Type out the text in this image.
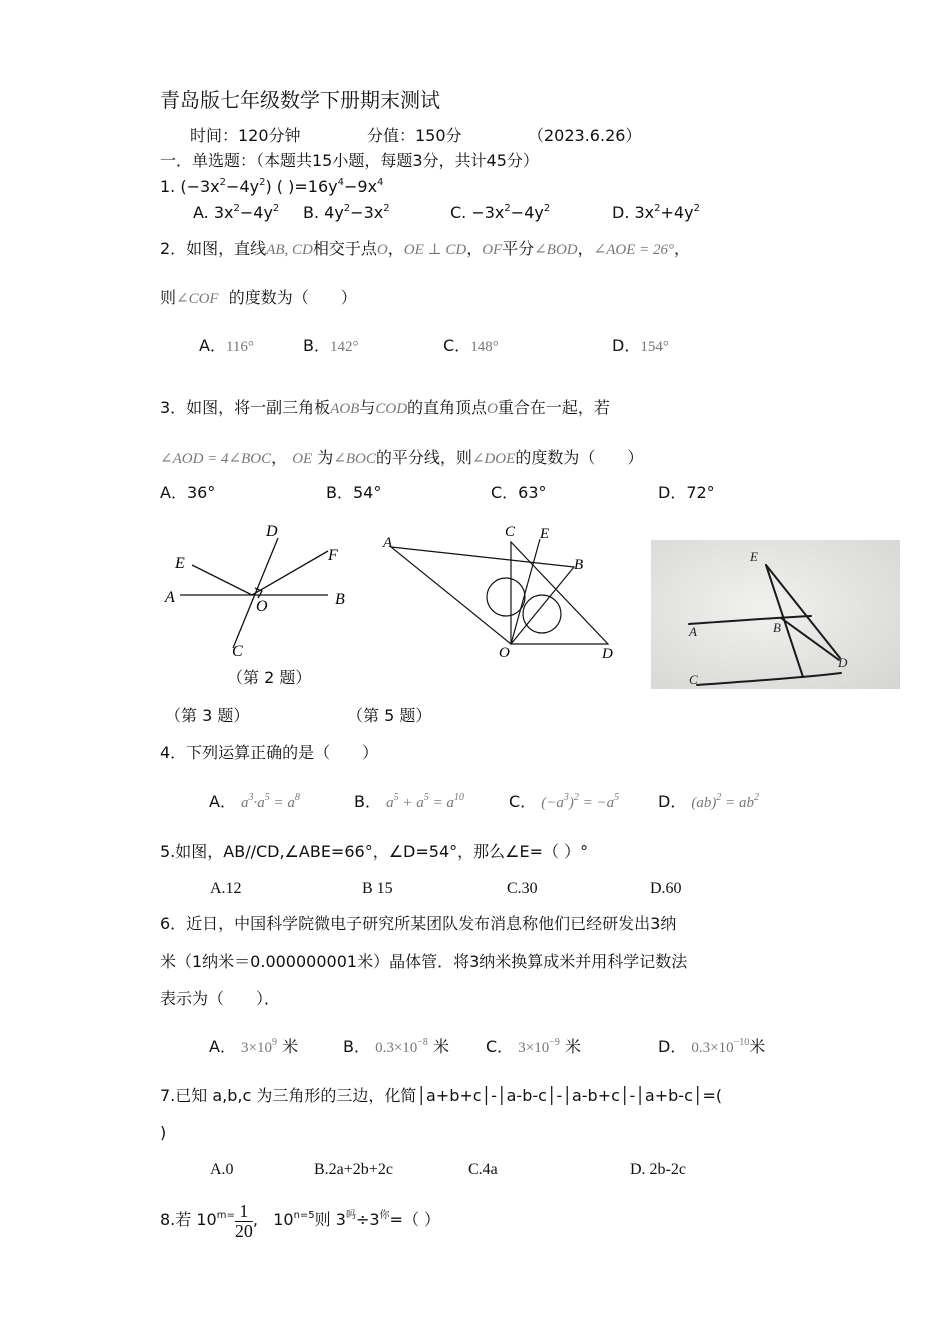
青岛版七年级数学下册期末测试
时间：120分钟	分值：150分	（2023.6.26）
一．单选题：（本题共15小题，每题3分，共计45分）
1. $(-3x^2-4y^2)$ ( )$=16y^4-9x^4$
A. $3x^2-4y^2$ B. $4y^2-3x^2$	C. $-3x^2-4y^2$	D. $3x^2+4y^2$
2．如图，直线AB, CD相交于点O，OE ⊥ CD，OF平分∠BOD，∠AOE = 26°，
则∠COF 的度数为（　　）
A．116°	B．142°	C．148°	D．154°
3．如图，将一副三角板AOB与COD的直角顶点O重合在一起，若
∠AOD = 4∠BOC， OE 为∠BOC的平分线，则∠DOE的度数为（　　）
A．36°	B．54°	C．63°	D．72°
D
E	F
A
O	B
C
（第 2 题）
A
C E
B
O	D
E
A	B
D
C
（第 3 题）	（第 5 题）
4．下列运算正确的是（　　）
A． $a^3\cdot a^5 = a^8$	B． $a^5 + a^5 = a^{10}$	C． $(-a^3)^2 = -a^5$ D． $(ab)^2 = ab^2$
5.如图，AB//CD,∠ABE=66°，∠D=54°，那么∠E=（ ）°
A.12	B 15	C.30	D.60
6．近日，中国科学院微电子研究所某团队发布消息称他们已经研发出3纳
米（1纳米＝0.000000001米）晶体管．将3纳米换算成米并用科学记数法
表示为（　　）．
A． $3\times 10^9$ 米	B． $0.3\times 10^{-8}$ 米 C． $3\times 10^{-9}$ 米	D． $0.3\times 10^{-10}$米
7.已知 a,b,c 为三角形的三边，化简│a+b+c│-│a-b-c│-│a-b+c│-│a+b-c│=(
)
A.0	B.2a+2b+2c	C.4a	D. 2b-2c
8.若 $10^{m=} \frac{1}{20}$ , $10^{n=5}$则 $3^吗\div 3^你=$（ ）
